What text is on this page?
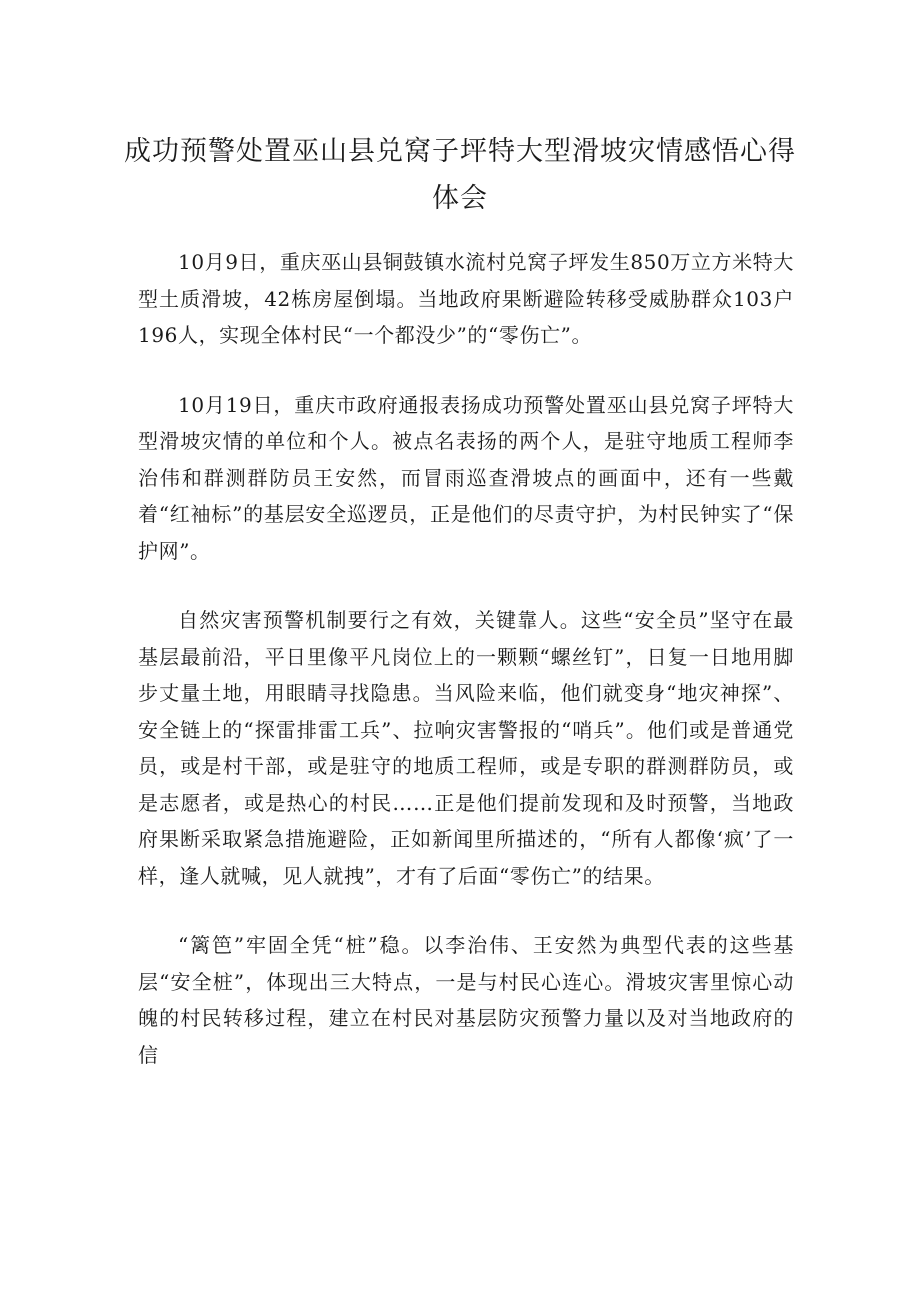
成功预警处置巫山县兑窝子坪特大型滑坡灾情感悟心得体会

10月9日，重庆巫山县铜鼓镇水流村兑窝子坪发生850万立方米特大型土质滑坡，42栋房屋倒塌。当地政府果断避险转移受威胁群众103户196人，实现全体村民“一个都没少”的“零伤亡”。

10月19日，重庆市政府通报表扬成功预警处置巫山县兑窝子坪特大型滑坡灾情的单位和个人。被点名表扬的两个人，是驻守地质工程师李治伟和群测群防员王安然，而冒雨巡查滑坡点的画面中，还有一些戴着“红袖标”的基层安全巡逻员，正是他们的尽责守护，为村民钟实了“保护网”。

自然灾害预警机制要行之有效，关键靠人。这些“安全员”坚守在最基层最前沿，平日里像平凡岗位上的一颗颗“螺丝钉”，日复一日地用脚步丈量土地，用眼睛寻找隐患。当风险来临，他们就变身“地灾神探”、安全链上的“探雷排雷工兵”、拉响灾害警报的“哨兵”。他们或是普通党员，或是村干部，或是驻守的地质工程师，或是专职的群测群防员，或是志愿者，或是热心的村民……正是他们提前发现和及时预警，当地政府果断采取紧急措施避险，正如新闻里所描述的，“所有人都像‘疯’了一样，逢人就喊，见人就拽”，才有了后面“零伤亡”的结果。

“篱笆”牢固全凭“桩”稳。以李治伟、王安然为典型代表的这些基层“安全桩”，体现出三大特点，一是与村民心连心。滑坡灾害里惊心动魄的村民转移过程，建立在村民对基层防灾预警力量以及对当地政府的信
